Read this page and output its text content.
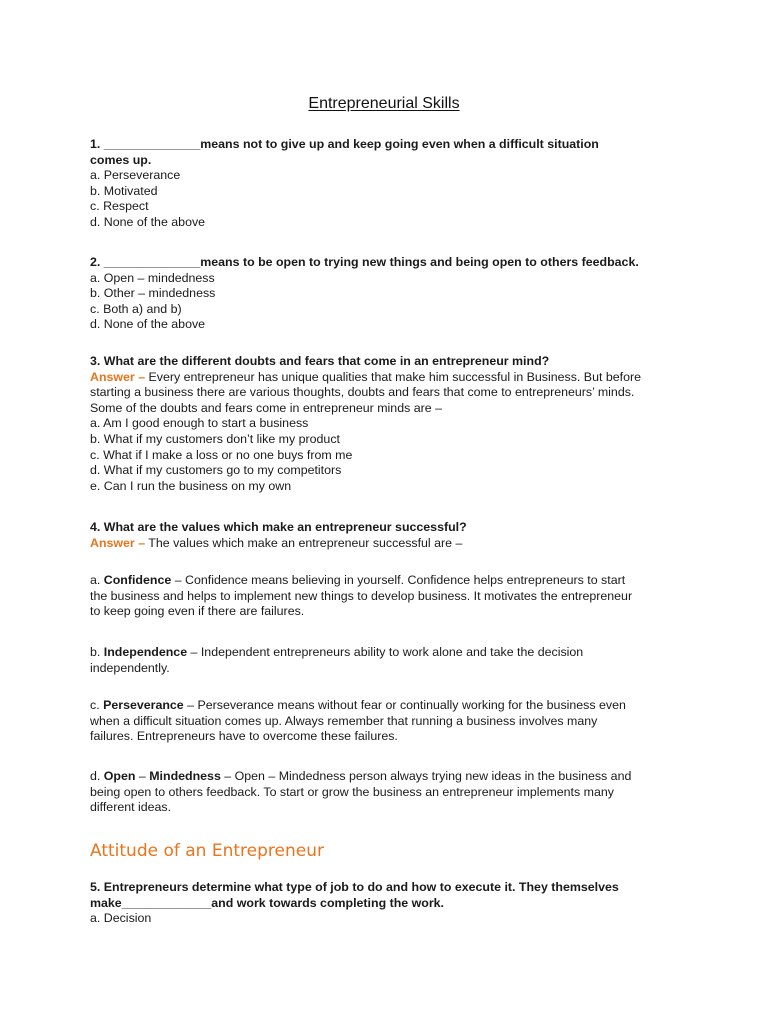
Entrepreneurial Skills
1. ______________means not to give up and keep going even when a difficult situation
comes up.
a. Perseverance
b. Motivated
c. Respect
d. None of the above
2. ______________means to be open to trying new things and being open to others feedback.
a. Open – mindedness
b. Other – mindedness
c. Both a) and b)
d. None of the above
3. What are the different doubts and fears that come in an entrepreneur mind?
Answer – Every entrepreneur has unique qualities that make him successful in Business. But before
starting a business there are various thoughts, doubts and fears that come to entrepreneurs’ minds.
Some of the doubts and fears come in entrepreneur minds are –
a. Am I good enough to start a business
b. What if my customers don’t like my product
c. What if I make a loss or no one buys from me
d. What if my customers go to my competitors
e. Can I run the business on my own
4. What are the values which make an entrepreneur successful?
Answer – The values which make an entrepreneur successful are –
a. Confidence – Confidence means believing in yourself. Confidence helps entrepreneurs to start
the business and helps to implement new things to develop business. It motivates the entrepreneur
to keep going even if there are failures.
b. Independence – Independent entrepreneurs ability to work alone and take the decision
independently.
c. Perseverance – Perseverance means without fear or continually working for the business even
when a difficult situation comes up. Always remember that running a business involves many
failures. Entrepreneurs have to overcome these failures.
d. Open – Mindedness – Open – Mindedness person always trying new ideas in the business and
being open to others feedback. To start or grow the business an entrepreneur implements many
different ideas.
Attitude of an Entrepreneur
5. Entrepreneurs determine what type of job to do and how to execute it. They themselves
make_____________and work towards completing the work.
a. Decision
